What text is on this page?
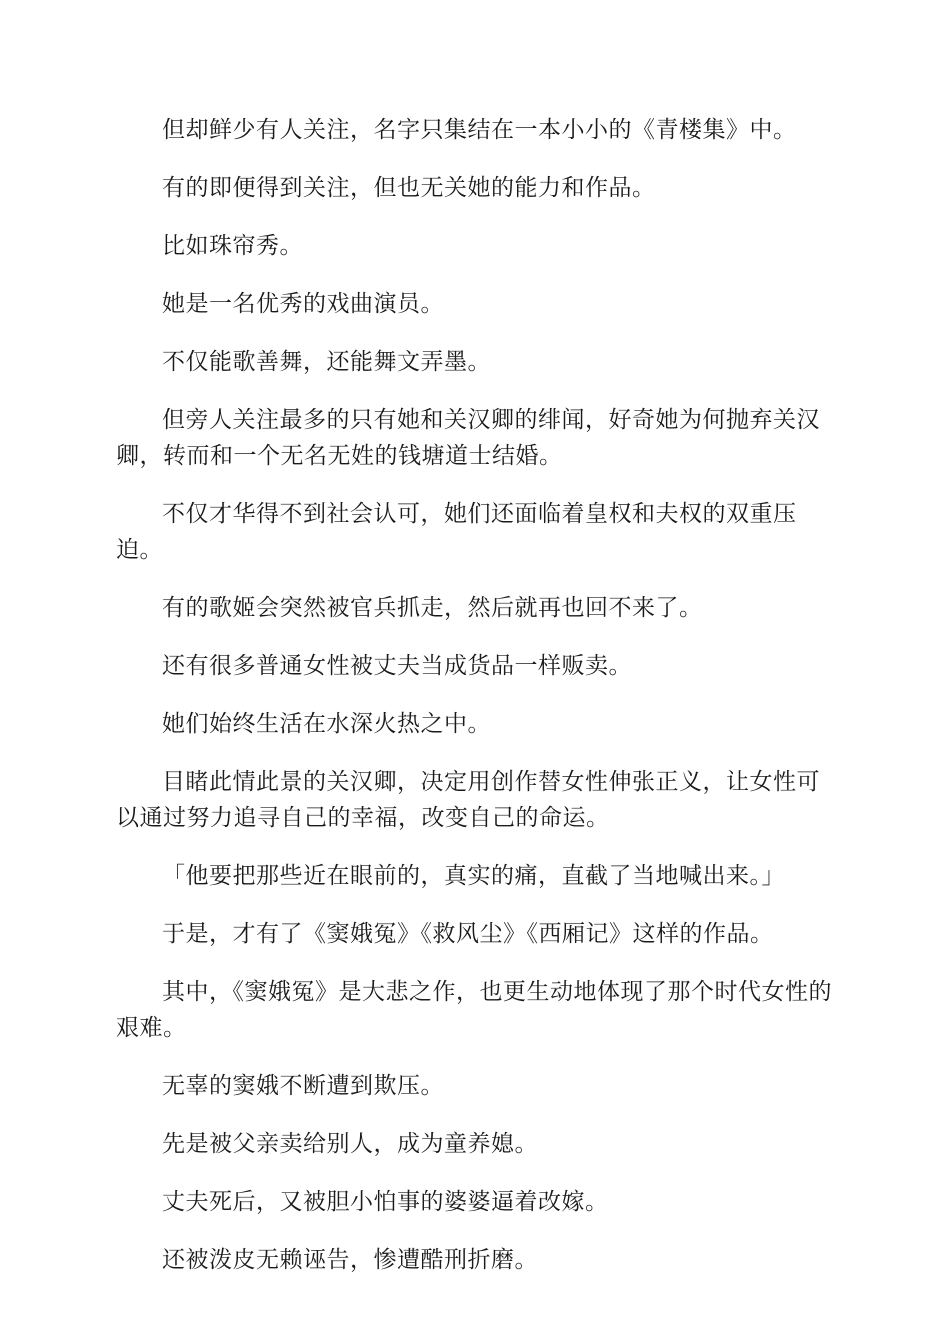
但却鲜少有人关注，名字只集结在一本小小的《青楼集》中。

有的即便得到关注，但也无关她的能力和作品。

比如珠帘秀。

她是一名优秀的戏曲演员。

不仅能歌善舞，还能舞文弄墨。

但旁人关注最多的只有她和关汉卿的绯闻，好奇她为何抛弃关汉卿，转而和一个无名无姓的钱塘道士结婚。

不仅才华得不到社会认可，她们还面临着皇权和夫权的双重压迫。

有的歌姬会突然被官兵抓走，然后就再也回不来了。

还有很多普通女性被丈夫当成货品一样贩卖。

她们始终生活在水深火热之中。

目睹此情此景的关汉卿，决定用创作替女性伸张正义，让女性可以通过努力追寻自己的幸福，改变自己的命运。

「他要把那些近在眼前的，真实的痛，直截了当地喊出来。」

于是，才有了《窦娥冤》《救风尘》《西厢记》这样的作品。

其中，《窦娥冤》是大悲之作，也更生动地体现了那个时代女性的艰难。

无辜的窦娥不断遭到欺压。

先是被父亲卖给别人，成为童养媳。

丈夫死后，又被胆小怕事的婆婆逼着改嫁。

还被泼皮无赖诬告，惨遭酷刑折磨。
